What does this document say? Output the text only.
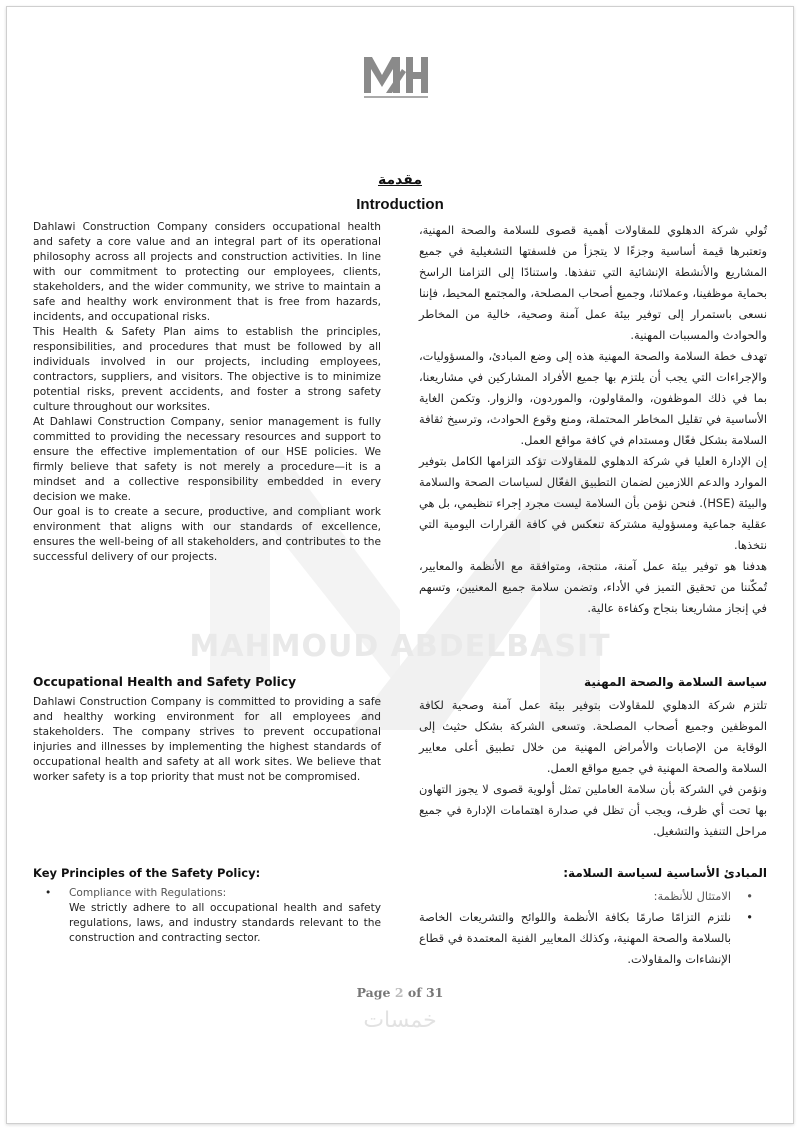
مقدمة
Introduction

Dahlawi Construction Company considers occupational health and safety a core value and an integral part of its operational philosophy across all projects and construction activities. In line with our commitment to protecting our employees, clients, stakeholders, and the wider community, we strive to maintain a safe and healthy work environment that is free from hazards, incidents, and occupational risks.

This Health & Safety Plan aims to establish the principles, responsibilities, and procedures that must be followed by all individuals involved in our projects, including employees, contractors, suppliers, and visitors. The objective is to minimize potential risks, prevent accidents, and foster a strong safety culture throughout our worksites.

At Dahlawi Construction Company, senior management is fully committed to providing the necessary resources and support to ensure the effective implementation of our HSE policies. We firmly believe that safety is not merely a procedure—it is a mindset and a collective responsibility embedded in every decision we make.

Our goal is to create a secure, productive, and compliant work environment that aligns with our standards of excellence, ensures the well-being of all stakeholders, and contributes to the successful delivery of our projects.

تُولي شركة الدهلوي للمقاولات أهمية قصوى للسلامة والصحة المهنية، وتعتبرها قيمة أساسية وجزءًا لا يتجزأ من فلسفتها التشغيلية في جميع المشاريع والأنشطة الإنشائية التي تنفذها. واستنادًا إلى التزامنا الراسخ بحماية موظفينا، وعملائنا، وجميع أصحاب المصلحة، والمجتمع المحيط، فإننا نسعى باستمرار إلى توفير بيئة عمل آمنة وصحية، خالية من المخاطر والحوادث والمسببات المهنية.

تهدف خطة السلامة والصحة المهنية هذه إلى وضع المبادئ، والمسؤوليات، والإجراءات التي يجب أن يلتزم بها جميع الأفراد المشاركين في مشاريعنا، بما في ذلك الموظفون، والمقاولون، والموردون، والزوار. وتكمن الغاية الأساسية في تقليل المخاطر المحتملة، ومنع وقوع الحوادث، وترسيخ ثقافة السلامة بشكل فعّال ومستدام في كافة مواقع العمل.

إن الإدارة العليا في شركة الدهلوي للمقاولات تؤكد التزامها الكامل بتوفير الموارد والدعم اللازمين لضمان التطبيق الفعّال لسياسات الصحة والسلامة والبيئة (HSE). فنحن نؤمن بأن السلامة ليست مجرد إجراء تنظيمي، بل هي عقلية جماعية ومسؤولية مشتركة تنعكس في كافة القرارات اليومية التي نتخذها.

هدفنا هو توفير بيئة عمل آمنة، منتجة، ومتوافقة مع الأنظمة والمعايير، تُمكّننا من تحقيق التميز في الأداء، وتضمن سلامة جميع المعنيين، وتسهم في إنجاز مشاريعنا بنجاح وكفاءة عالية.

MAHMOUD ABDELBASIT
Occupational Health and Safety Policy	سياسة السلامة والصحة المهنية

Dahlawi Construction Company is committed to providing a safe and healthy working environment for all employees and stakeholders. The company strives to prevent occupational injuries and illnesses by implementing the highest standards of occupational health and safety at all work sites. We believe that worker safety is a top priority that must not be compromised.

تلتزم شركة الدهلوي للمقاولات بتوفير بيئة عمل آمنة وصحية لكافة الموظفين وجميع أصحاب المصلحة. وتسعى الشركة بشكل حثيث إلى الوقاية من الإصابات والأمراض المهنية من خلال تطبيق أعلى معايير السلامة والصحة المهنية في جميع مواقع العمل.

ونؤمن في الشركة بأن سلامة العاملين تمثل أولوية قصوى لا يجوز التهاون بها تحت أي ظرف، ويجب أن تظل في صدارة اهتمامات الإدارة في جميع مراحل التنفيذ والتشغيل.

Key Principles of the Safety Policy:	المبادئ الأساسية لسياسة السلامة:
• Compliance with Regulations:
We strictly adhere to all occupational health and safety regulations, laws, and industry standards relevant to the construction and contracting sector.
• الامتثال للأنظمة:
• نلتزم التزامًا صارمًا بكافة الأنظمة واللوائح والتشريعات الخاصة بالسلامة والصحة المهنية، وكذلك المعايير الفنية المعتمدة في قطاع الإنشاءات والمقاولات.
Page 2 of 31
خمسات
